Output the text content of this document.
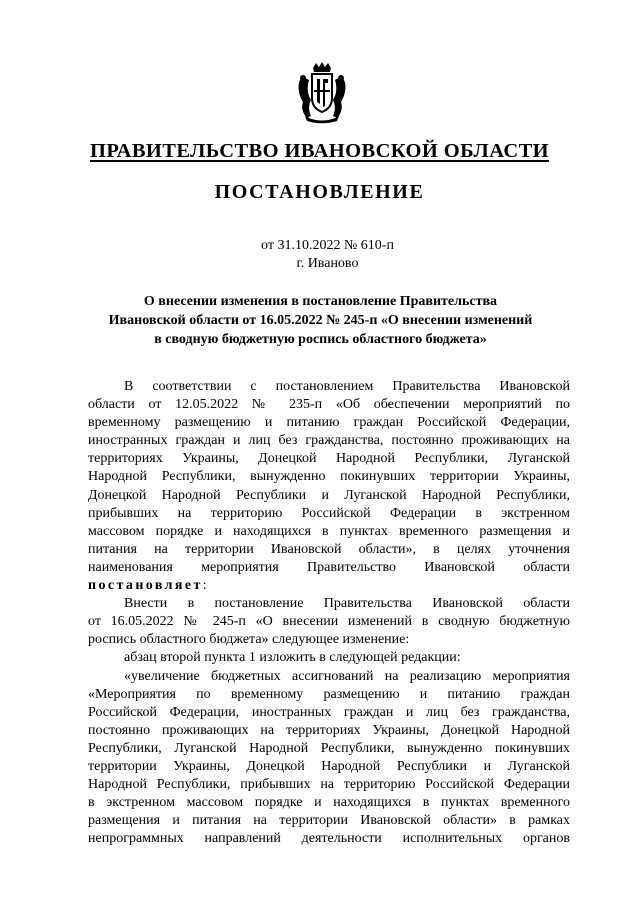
ПРАВИТЕЛЬСТВО ИВАНОВСКОЙ ОБЛАСТИ
ПОСТАНОВЛЕНИЕ
от 31.10.2022 № 610-п
г. Иваново
О внесении изменения в постановление Правительства
Ивановской области от 16.05.2022 № 245-п «О внесении изменений
в сводную бюджетную роспись областного бюджета»
В соответствии с постановлением Правительства Ивановской
области от 12.05.2022 № 235-п «Об обеспечении мероприятий по
временному размещению и питанию граждан Российской Федерации,
иностранных граждан и лиц без гражданства, постоянно проживающих на
территориях Украины, Донецкой Народной Республики, Луганской
Народной Республики, вынужденно покинувших территории Украины,
Донецкой Народной Республики и Луганской Народной Республики,
прибывших на территорию Российской Федерации в экстренном
массовом порядке и находящихся в пунктах временного размещения и
питания на территории Ивановской области», в целях уточнения
наименования мероприятия Правительство Ивановской области
постановляет:
Внести в постановление Правительства Ивановской области
от 16.05.2022 № 245-п «О внесении изменений в сводную бюджетную
роспись областного бюджета» следующее изменение:
абзац второй пункта 1 изложить в следующей редакции:
«увеличение бюджетных ассигнований на реализацию мероприятия
«Мероприятия по временному размещению и питанию граждан
Российской Федерации, иностранных граждан и лиц без гражданства,
постоянно проживающих на территориях Украины, Донецкой Народной
Республики, Луганской Народной Республики, вынужденно покинувших
территории Украины, Донецкой Народной Республики и Луганской
Народной Республики, прибывших на территорию Российской Федерации
в экстренном массовом порядке и находящихся в пунктах временного
размещения и питания на территории Ивановской области» в рамках
непрограммных направлений деятельности исполнительных органов
